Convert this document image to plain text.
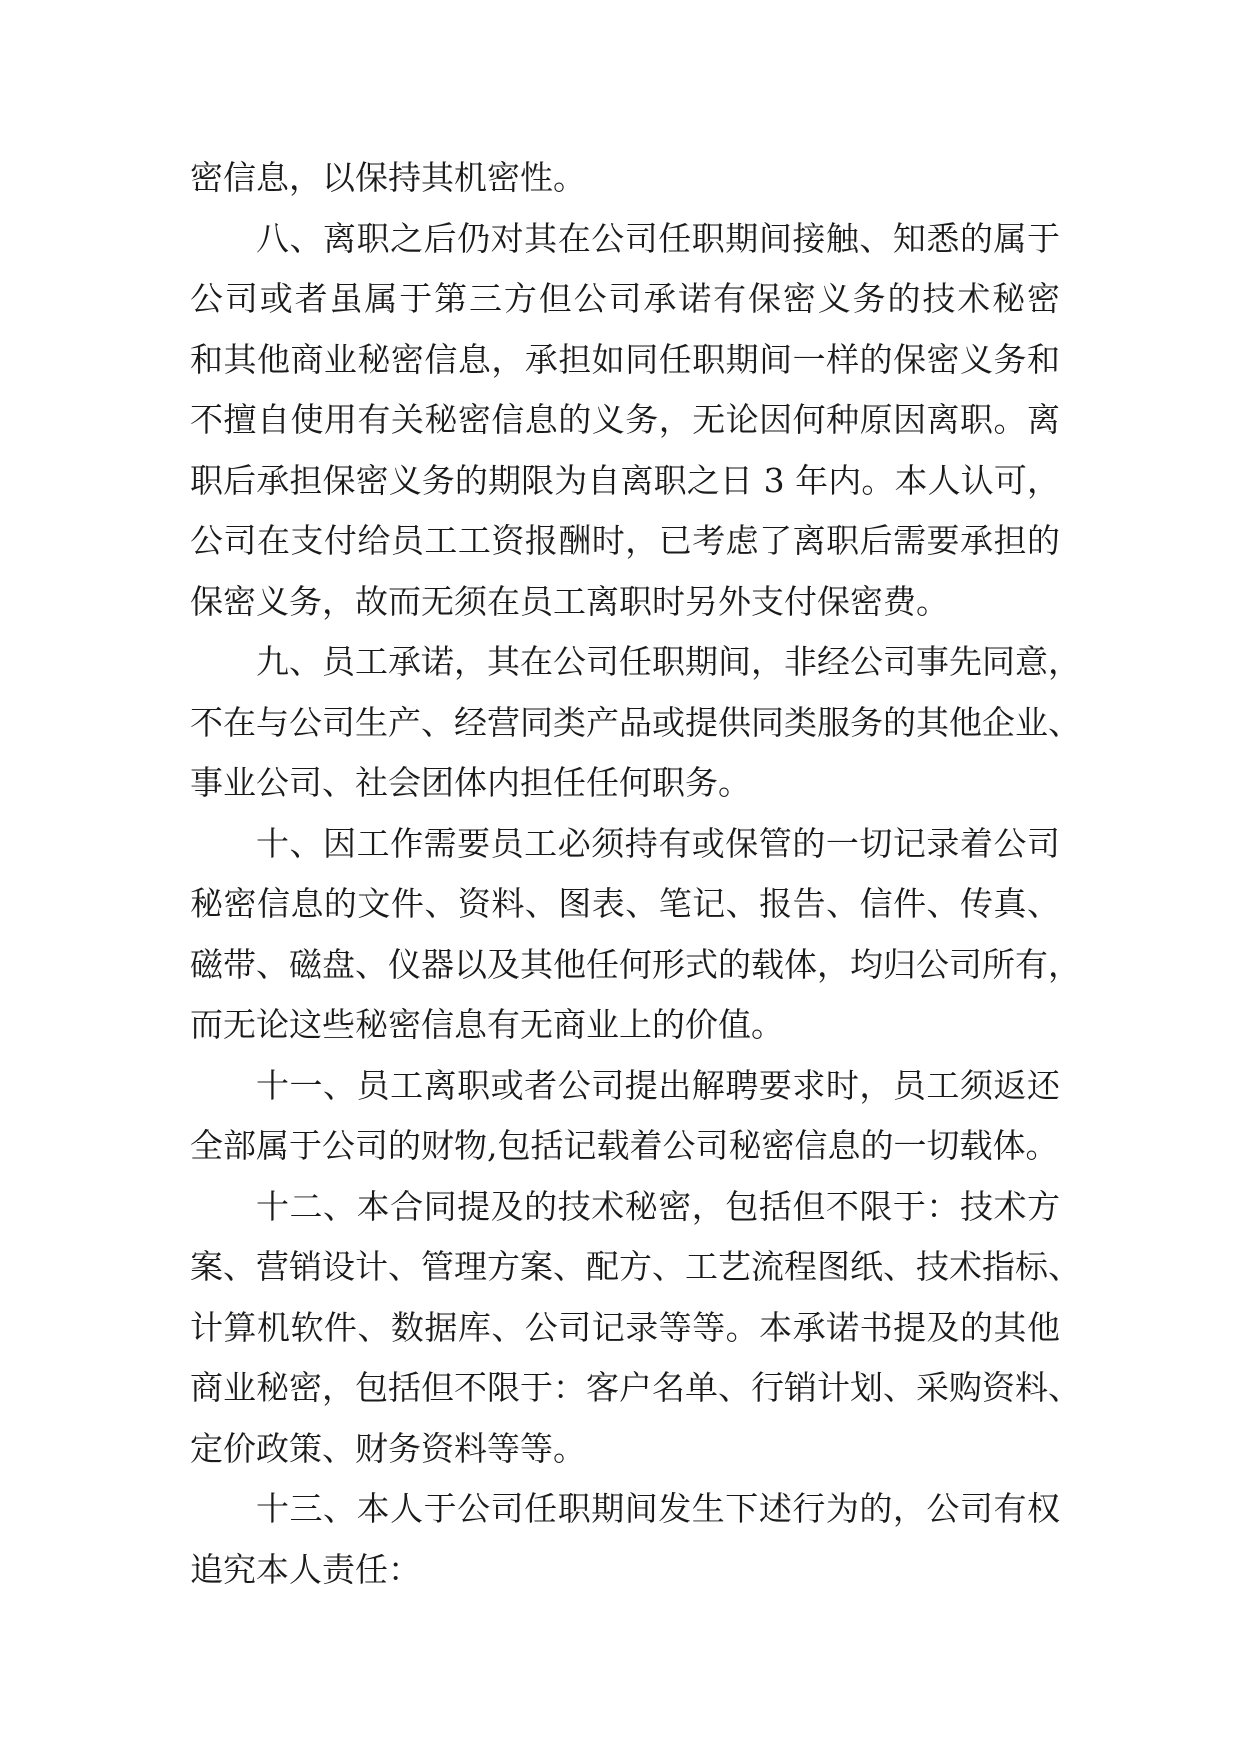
密信息，以保持其机密性。
八、离职之后仍对其在公司任职期间接触、知悉的属于
公司或者虽属于第三方但公司承诺有保密义务的技术秘密
和其他商业秘密信息，承担如同任职期间一样的保密义务和
不擅自使用有关秘密信息的义务，无论因何种原因离职。离
职后承担保密义务的期限为自离职之日 3 年内。本人认可，
公司在支付给员工工资报酬时，已考虑了离职后需要承担的
保密义务，故而无须在员工离职时另外支付保密费。
九、员工承诺，其在公司任职期间，非经公司事先同意，
不在与公司生产、经营同类产品或提供同类服务的其他企业、
事业公司、社会团体内担任任何职务。
十、因工作需要员工必须持有或保管的一切记录着公司
秘密信息的文件、资料、图表、笔记、报告、信件、传真、
磁带、磁盘、仪器以及其他任何形式的载体，均归公司所有，
而无论这些秘密信息有无商业上的价值。
十一、员工离职或者公司提出解聘要求时，员工须返还
全部属于公司的财物,包括记载着公司秘密信息的一切载体。
十二、本合同提及的技术秘密，包括但不限于：技术方
案、营销设计、管理方案、配方、工艺流程图纸、技术指标、
计算机软件、数据库、公司记录等等。本承诺书提及的其他
商业秘密，包括但不限于：客户名单、行销计划、采购资料、
定价政策、财务资料等等。
十三、本人于公司任职期间发生下述行为的，公司有权
追究本人责任：
